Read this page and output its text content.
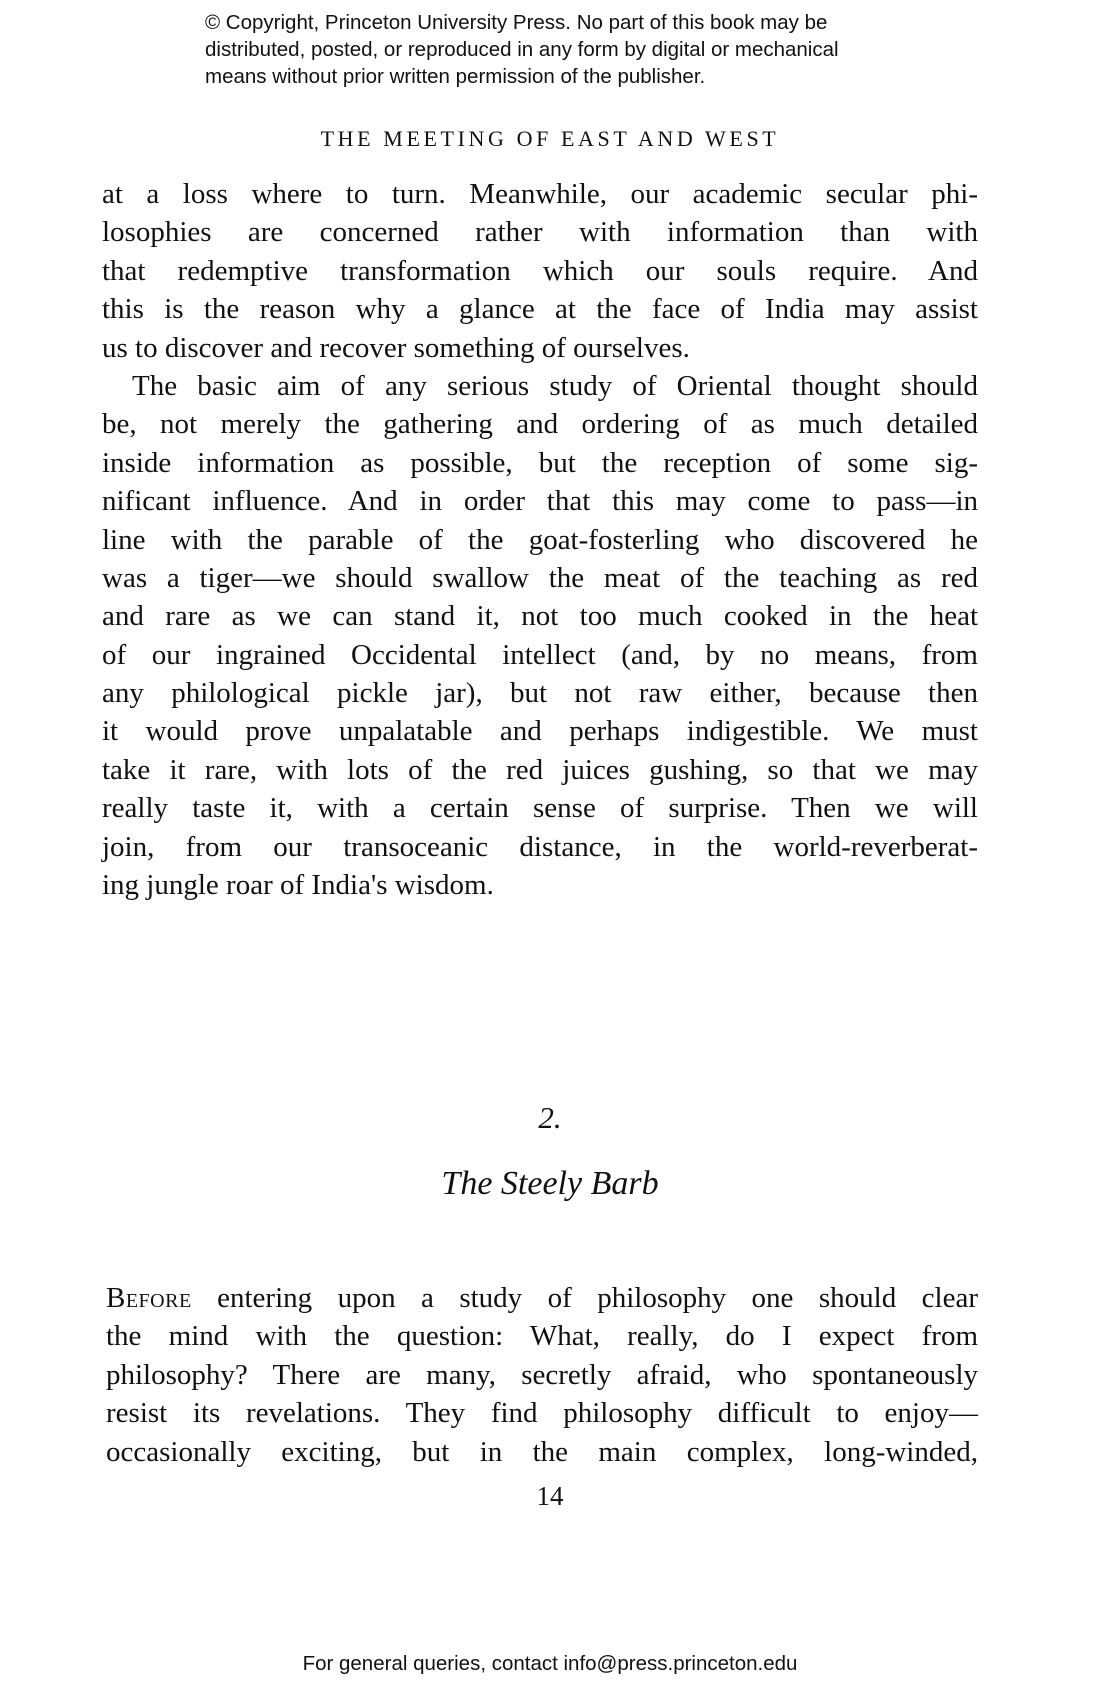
© Copyright, Princeton University Press. No part of this book may be
distributed, posted, or reproduced in any form by digital or mechanical
means without prior written permission of the publisher.
THE MEETING OF EAST AND WEST
at a loss where to turn. Meanwhile, our academic secular phi-
losophies are concerned rather with information than with
that redemptive transformation which our souls require. And
this is the reason why a glance at the face of India may assist
us to discover and recover something of ourselves.
The basic aim of any serious study of Oriental thought should
be, not merely the gathering and ordering of as much detailed
inside information as possible, but the reception of some sig-
nificant influence. And in order that this may come to pass—in
line with the parable of the goat-fosterling who discovered he
was a tiger—we should swallow the meat of the teaching as red
and rare as we can stand it, not too much cooked in the heat
of our ingrained Occidental intellect (and, by no means, from
any philological pickle jar), but not raw either, because then
it would prove unpalatable and perhaps indigestible. We must
take it rare, with lots of the red juices gushing, so that we may
really taste it, with a certain sense of surprise. Then we will
join, from our transoceanic distance, in the world-reverberat-
ing jungle roar of India's wisdom.
2.
The Steely Barb
Before entering upon a study of philosophy one should clear
the mind with the question: What, really, do I expect from
philosophy? There are many, secretly afraid, who spontaneously
resist its revelations. They find philosophy difficult to enjoy—
occasionally exciting, but in the main complex, long-winded,
14
For general queries, contact info@press.princeton.edu
